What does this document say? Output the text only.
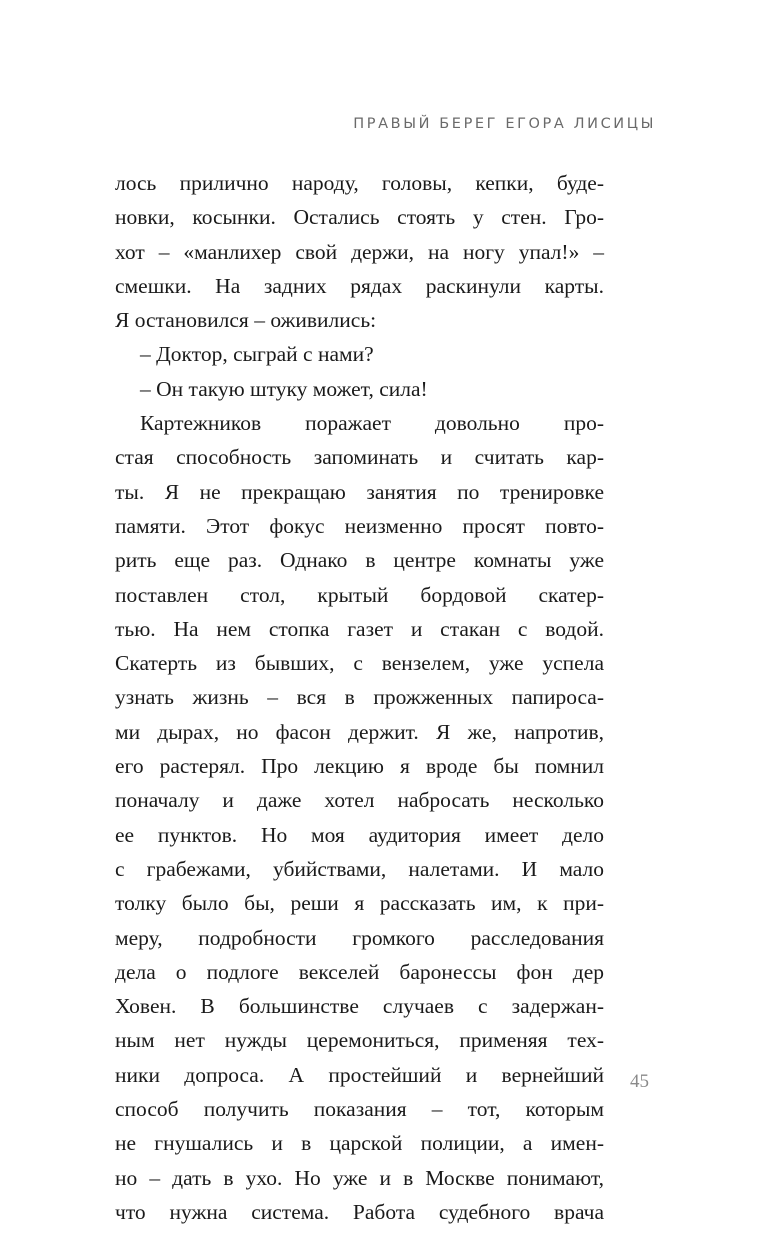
ПРАВЫЙ БЕРЕГ ЕГОРА ЛИСИЦЫ
лось прилично народу, головы, кепки, буде-
новки, косынки. Остались стоять у стен. Гро-
хот – «манлихер свой держи, на ногу упал!» –
смешки. На задних рядах раскинули карты.
Я остановился – оживились:
– Доктор, сыграй с нами?
– Он такую штуку может, сила!
Картежников поражает довольно про-
стая способность запоминать и считать кар-
ты. Я не прекращаю занятия по тренировке
памяти. Этот фокус неизменно просят повто-
рить еще раз. Однако в центре комнаты уже
поставлен стол, крытый бордовой скатер-
тью. На нем стопка газет и стакан с водой.
Скатерть из бывших, с вензелем, уже успела
узнать жизнь – вся в прожженных папироса-
ми дырах, но фасон держит. Я же, напротив,
его растерял. Про лекцию я вроде бы помнил
поначалу и даже хотел набросать несколько
ее пунктов. Но моя аудитория имеет дело
с грабежами, убийствами, налетами. И мало
толку было бы, реши я рассказать им, к при-
меру, подробности громкого расследования
дела о подлоге векселей баронессы фон дер
Ховен. В большинстве случаев с задержан-
ным нет нужды церемониться, применяя тех-
ники допроса. А простейший и вернейший
способ получить показания – тот, которым
не гнушались и в царской полиции, а имен-
но – дать в ухо. Но уже и в Москве понимают,
что нужна система. Работа судебного врача
45
